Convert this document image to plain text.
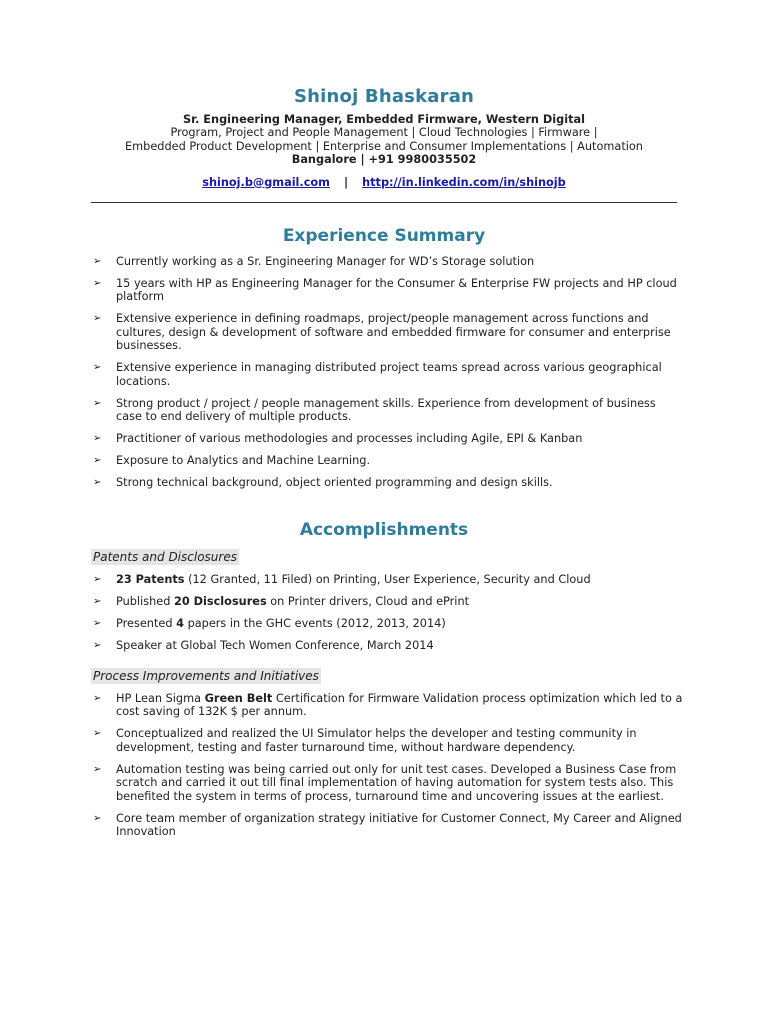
Shinoj Bhaskaran
Sr. Engineering Manager, Embedded Firmware, Western Digital
Program, Project and People Management | Cloud Technologies | Firmware |
Embedded Product Development | Enterprise and Consumer Implementations | Automation
Bangalore | +91 9980035502
shinoj.b@gmail.com | http://in.linkedin.com/in/shinojb
Experience Summary
➢ Currently working as a Sr. Engineering Manager for WD’s Storage solution
➢ 15 years with HP as Engineering Manager for the Consumer & Enterprise FW projects and HP cloud platform
➢ Extensive experience in defining roadmaps, project/people management across functions and cultures, design & development of software and embedded firmware for consumer and enterprise businesses.
➢ Extensive experience in managing distributed project teams spread across various geographical locations.
➢ Strong product / project / people management skills. Experience from development of business case to end delivery of multiple products.
➢ Practitioner of various methodologies and processes including Agile, EPI & Kanban
➢ Exposure to Analytics and Machine Learning.
➢ Strong technical background, object oriented programming and design skills.
Accomplishments
Patents and Disclosures
➢ 23 Patents (12 Granted, 11 Filed) on Printing, User Experience, Security and Cloud
➢ Published 20 Disclosures on Printer drivers, Cloud and ePrint
➢ Presented 4 papers in the GHC events (2012, 2013, 2014)
➢ Speaker at Global Tech Women Conference, March 2014
Process Improvements and Initiatives
➢ HP Lean Sigma Green Belt Certification for Firmware Validation process optimization which led to a cost saving of 132K $ per annum.
➢ Conceptualized and realized the UI Simulator helps the developer and testing community in development, testing and faster turnaround time, without hardware dependency.
➢ Automation testing was being carried out only for unit test cases. Developed a Business Case from scratch and carried it out till final implementation of having automation for system tests also. This benefited the system in terms of process, turnaround time and uncovering issues at the earliest.
➢ Core team member of organization strategy initiative for Customer Connect, My Career and Aligned Innovation
